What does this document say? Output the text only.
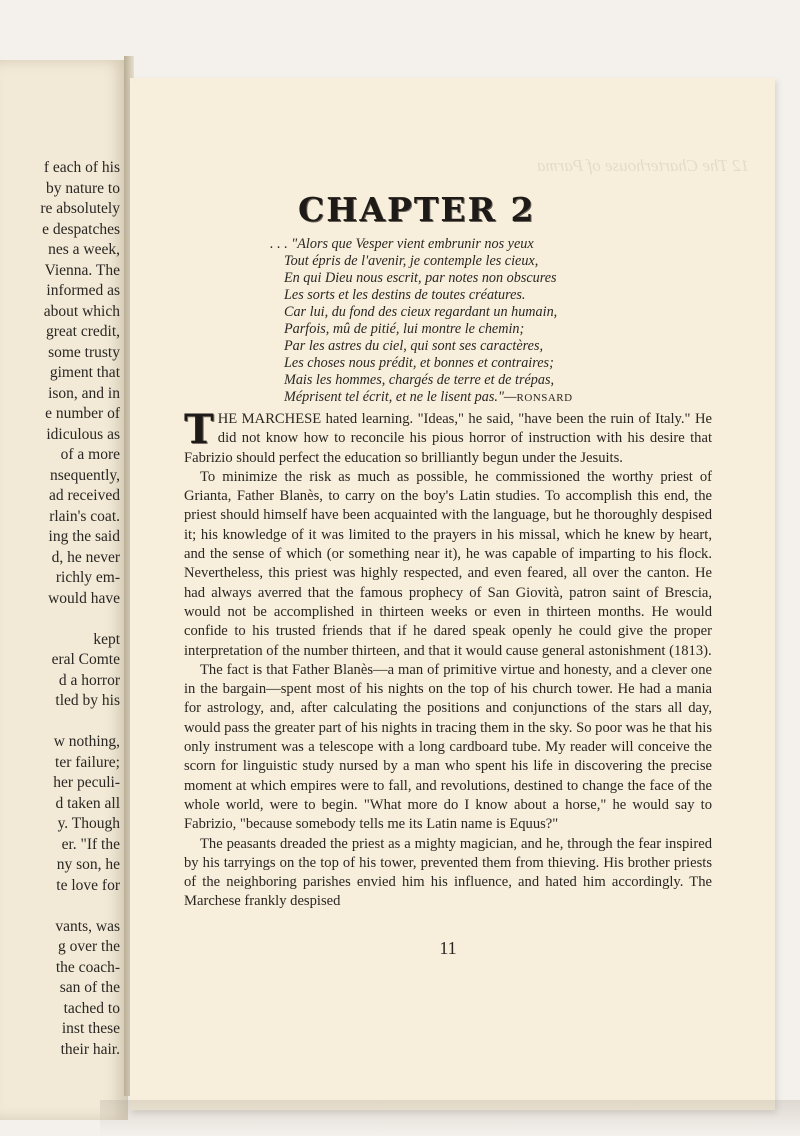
f each of his
by nature to
re absolutely
e despatches
nes a week,
Vienna. The
informed as
about which
great credit,
some trusty
giment that
ison, and in
e number of
idiculous as
of a more
nsequently,
ad received
rlain's coat.
ing the said
d, he never
richly em-
would have

kept
eral Comte
d a horror
tled by his

w nothing,
ter failure;
her peculi-
d taken all
y. Though
er. "If the
ny son, he
te love for

vants, was
g over the
the coach-
san of the
tached to
inst these
their hair.
12 The Charterhouse of Parma
CHAPTER 2
. . . "Alors que Vesper vient embrunir nos yeux
Tout épris de l'avenir, je contemple les cieux,
En qui Dieu nous escrit, par notes non obscures
Les sorts et les destins de toutes créatures.
Car lui, du fond des cieux regardant un humain,
Parfois, mû de pitié, lui montre le chemin;
Par les astres du ciel, qui sont ses caractères,
Les choses nous prédit, et bonnes et contraires;
Mais les hommes, chargés de terre et de trépas,
Méprisent tel écrit, et ne le lisent pas."—RONSARD

THE MARCHESE hated learning. "Ideas," he said, "have been the ruin of Italy." He did not know how to reconcile his pious horror of instruction with his desire that Fabrizio should perfect the education so brilliantly begun under the Jesuits.

To minimize the risk as much as possible, he commissioned the worthy priest of Grianta, Father Blanès, to carry on the boy's Latin studies. To accomplish this end, the priest should himself have been acquainted with the language, but he thoroughly despised it; his knowledge of it was limited to the prayers in his missal, which he knew by heart, and the sense of which (or something near it), he was capable of imparting to his flock. Nevertheless, this priest was highly respected, and even feared, all over the canton. He had always averred that the famous prophecy of San Giovità, patron saint of Brescia, would not be accomplished in thirteen weeks or even in thirteen months. He would confide to his trusted friends that if he dared speak openly he could give the proper interpretation of the number thirteen, and that it would cause general astonishment (1813).

The fact is that Father Blanès—a man of primitive virtue and honesty, and a clever one in the bargain—spent most of his nights on the top of his church tower. He had a mania for astrology, and, after calculating the positions and conjunctions of the stars all day, would pass the greater part of his nights in tracing them in the sky. So poor was he that his only instrument was a telescope with a long cardboard tube. My reader will conceive the scorn for linguistic study nursed by a man who spent his life in discovering the precise moment at which empires were to fall, and revolutions, destined to change the face of the whole world, were to begin. "What more do I know about a horse," he would say to Fabrizio, "because somebody tells me its Latin name is Equus?"

The peasants dreaded the priest as a mighty magician, and he, through the fear inspired by his tarryings on the top of his tower, prevented them from thieving. His brother priests of the neighboring parishes envied him his influence, and hated him accordingly. The Marchese frankly despised

11
